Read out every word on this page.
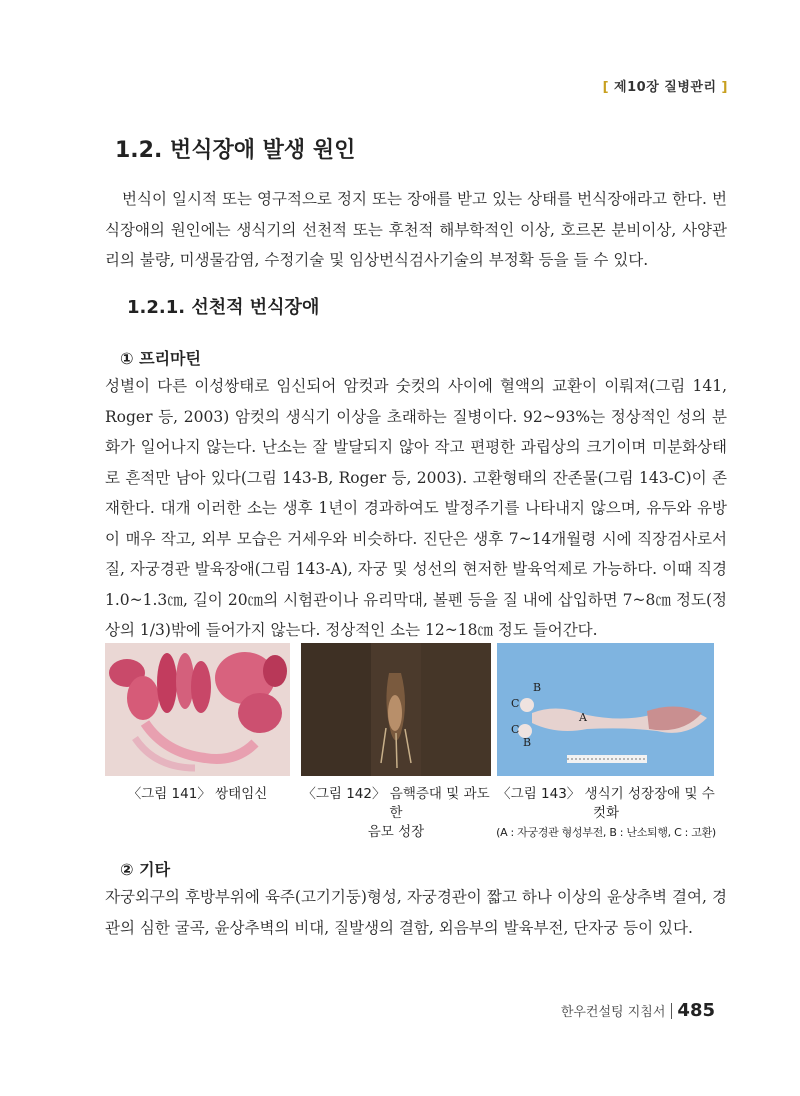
[ 제10장 질병관리 ]
1.2. 번식장애 발생 원인

번식이 일시적 또는 영구적으로 정지 또는 장애를 받고 있는 상태를 번식장애라고 한다. 번식장애의 원인에는 생식기의 선천적 또는 후천적 해부학적인 이상, 호르몬 분비이상, 사양관리의 불량, 미생물감염, 수정기술 및 임상번식검사기술의 부정확 등을 들 수 있다.

1.2.1. 선천적 번식장애
① 프리마틴

성별이 다른 이성쌍태로 임신되어 암컷과 숫컷의 사이에 혈액의 교환이 이뤄져(그림 141, Roger 등, 2003) 암컷의 생식기 이상을 초래하는 질병이다. 92~93%는 정상적인 성의 분화가 일어나지 않는다. 난소는 잘 발달되지 않아 작고 편평한 과립상의 크기이며 미분화상태로 흔적만 남아 있다(그림 143-B, Roger 등, 2003). 고환형태의 잔존물(그림 143-C)이 존재한다. 대개 이러한 소는 생후 1년이 경과하여도 발정주기를 나타내지 않으며, 유두와 유방이 매우 작고, 외부 모습은 거세우와 비슷하다. 진단은 생후 7~14개월령 시에 직장검사로서 질, 자궁경관 발육장애(그림 143-A), 자궁 및 성선의 현저한 발육억제로 가능하다. 이때 직경 1.0~1.3㎝, 길이 20㎝의 시험관이나 유리막대, 볼펜 등을 질 내에 삽입하면 7~8㎝ 정도(정상의 1/3)밖에 들어가지 않는다. 정상적인 소는 12~18㎝ 정도 들어간다.

B
C
C
B
A
〈그림 141〉 쌍태임신	〈그림 142〉 음핵증대 및 과도한
음모 성장
〈그림 143〉 생식기 성장장애 및 수컷화
(A : 자궁경관 형성부전, B : 난소퇴행, C : 고환)
② 기타

자궁외구의 후방부위에 육주(고기기둥)형성, 자궁경관이 짧고 하나 이상의 윤상추벽 결여, 경관의 심한 굴곡, 윤상추벽의 비대, 질발생의 결함, 외음부의 발육부전, 단자궁 등이 있다.

한우컨설팅 지침서 485
